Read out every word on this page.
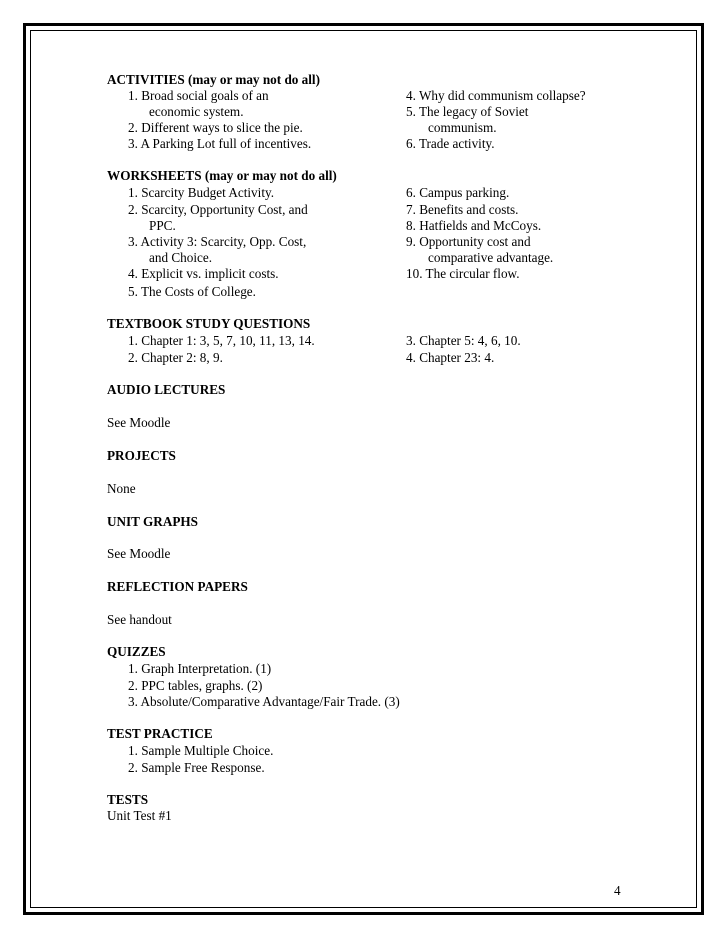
ACTIVITIES (may or may not do all)
1. Broad social goals of an
economic system.
2. Different ways to slice the pie.
3. A Parking Lot full of incentives.
4. Why did communism collapse?
5. The legacy of Soviet
communism.
6. Trade activity.
WORKSHEETS (may or may not do all)
1. Scarcity Budget Activity.
2. Scarcity, Opportunity Cost, and
PPC.
3. Activity 3: Scarcity, Opp. Cost,
and Choice.
4. Explicit vs. implicit costs.
5. The Costs of College.
6. Campus parking.
7. Benefits and costs.
8. Hatfields and McCoys.
9. Opportunity cost and
comparative advantage.
10. The circular flow.
TEXTBOOK STUDY QUESTIONS
1. Chapter 1: 3, 5, 7, 10, 11, 13, 14.
2. Chapter 2: 8, 9.
3. Chapter 5: 4, 6, 10.
4. Chapter 23: 4.
AUDIO LECTURES
See Moodle
PROJECTS
None
UNIT GRAPHS
See Moodle
REFLECTION PAPERS
See handout
QUIZZES
1. Graph Interpretation. (1)
2. PPC tables, graphs. (2)
3. Absolute/Comparative Advantage/Fair Trade. (3)
TEST PRACTICE
1. Sample Multiple Choice.
2. Sample Free Response.
TESTS
Unit Test #1
4
